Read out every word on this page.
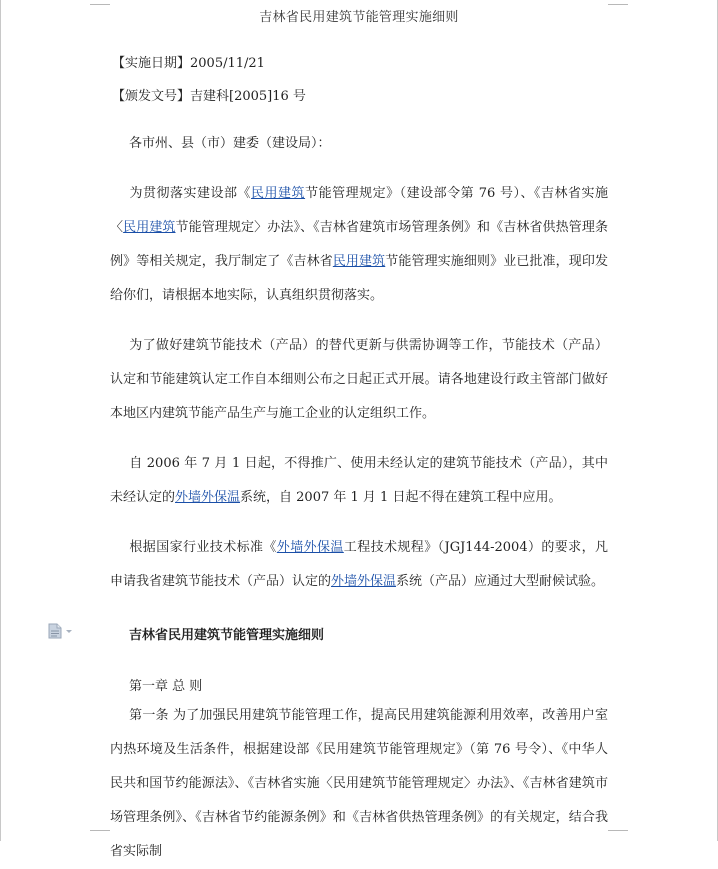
吉林省民用建筑节能管理实施细则
【实施日期】2005/11/21
【颁发文号】吉建科[2005]16 号
各市州、县（市）建委（建设局）：
为贯彻落实建设部《民用建筑节能管理规定》（建设部令第 76 号）、《吉林省实施〈民用建筑节能管理规定〉办法》、《吉林省建筑市场管理条例》和《吉林省供热管理条例》等相关规定，我厅制定了《吉林省民用建筑节能管理实施细则》业已批准，现印发给你们，请根据本地实际，认真组织贯彻落实。
为了做好建筑节能技术（产品）的替代更新与供需协调等工作，节能技术（产品）认定和节能建筑认定工作自本细则公布之日起正式开展。请各地建设行政主管部门做好本地区内建筑节能产品生产与施工企业的认定组织工作。
自 2006 年 7 月 1 日起，不得推广、使用未经认定的建筑节能技术（产品），其中未经认定的外墙外保温系统，自 2007 年 1 月 1 日起不得在建筑工程中应用。
根据国家行业技术标准《外墙外保温工程技术规程》（JGJ144-2004）的要求，凡申请我省建筑节能技术（产品）认定的外墙外保温系统（产品）应通过大型耐候试验。
吉林省民用建筑节能管理实施细则
第一章 总 则
第一条 为了加强民用建筑节能管理工作，提高民用建筑能源利用效率，改善用户室内热环境及生活条件，根据建设部《民用建筑节能管理规定》（第 76 号令）、《中华人民共和国节约能源法》、《吉林省实施〈民用建筑节能管理规定〉办法》、《吉林省建筑市场管理条例》、《吉林省节约能源条例》和《吉林省供热管理条例》的有关规定，结合我省实际制
